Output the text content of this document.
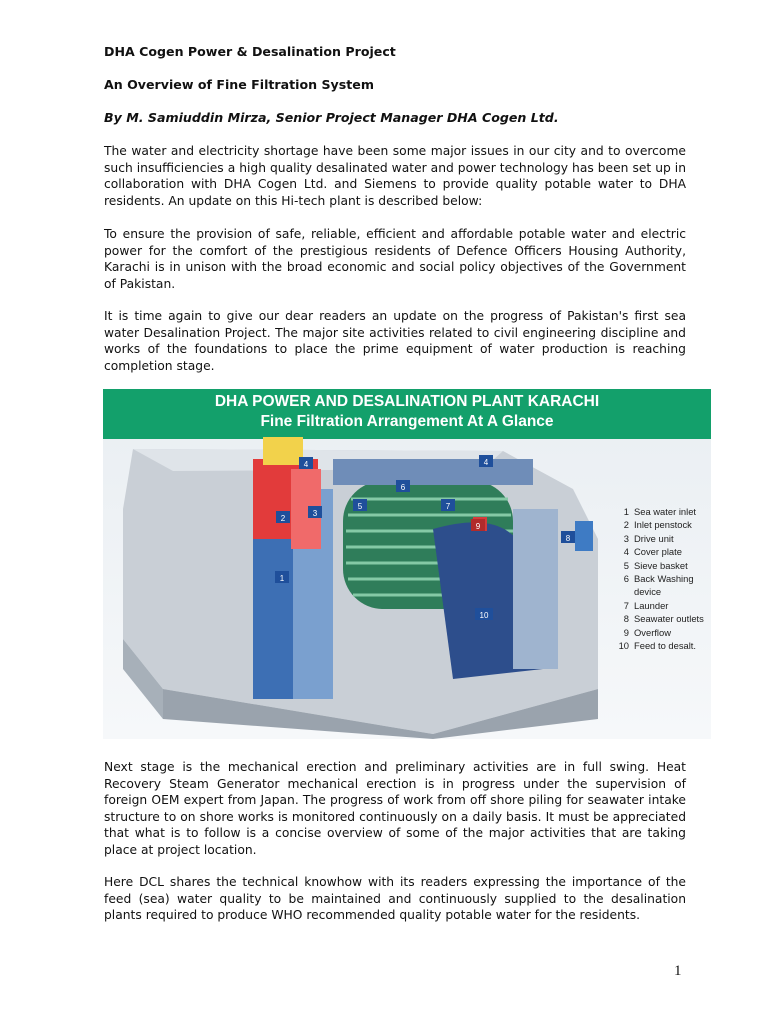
DHA Cogen Power & Desalination Project

An Overview of Fine Filtration System

By M. Samiuddin Mirza, Senior Project Manager DHA Cogen Ltd.

The water and electricity shortage have been some major issues in our city and to overcome such insufficiencies a high quality desalinated water and power technology has been set up in collaboration with DHA Cogen Ltd. and Siemens to provide quality potable water to DHA residents. An update on this Hi-tech plant is described below:

To ensure the provision of safe, reliable, efficient and affordable potable water and electric power for the comfort of the prestigious residents of Defence Officers Housing Authority, Karachi is in unison with the broad economic and social policy objectives of the Government of Pakistan.

It is time again to give our dear readers an update on the progress of Pakistan's first sea water Desalination Project. The major site activities related to civil engineering discipline and works of the foundations to place the prime equipment of water production is reaching completion stage.

DHA POWER AND DESALINATION PLANT KARACHI
Fine Filtration Arrangement At A Glance
1
2
3
4	4
5
6
7
8
9
10
1 Sea water inlet
2 Inlet penstock
3 Drive unit
4 Cover plate
5 Sieve basket
6 Back Washing device
7 Launder
8 Seawater outlets
9 Overflow
10 Feed to desalt.

Next stage is the mechanical erection and preliminary activities are in full swing. Heat Recovery Steam Generator mechanical erection is in progress under the supervision of foreign OEM expert from Japan. The progress of work from off shore piling for seawater intake structure to on shore works is monitored continuously on a daily basis. It must be appreciated that what is to follow is a concise overview of some of the major activities that are taking place at project location.

Here DCL shares the technical knowhow with its readers expressing the importance of the feed (sea) water quality to be maintained and continuously supplied to the desalination plants required to produce WHO recommended quality potable water for the residents.

1
